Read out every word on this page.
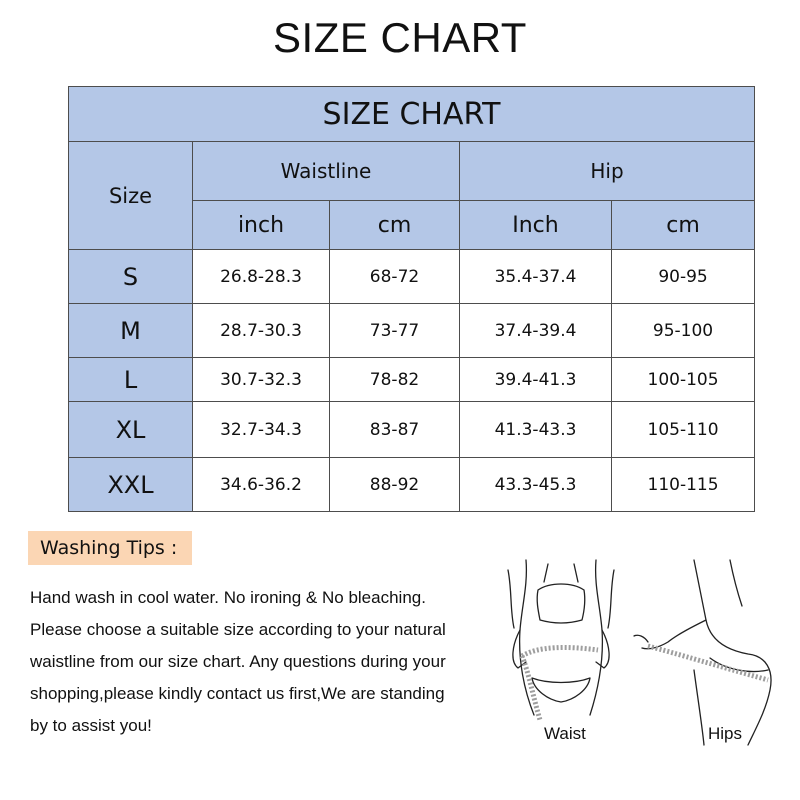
SIZE CHART
SIZE CHART				
Size	Waistline		Hip	
	inch	cm	Inch	cm
S	26.8-28.3	68-72	35.4-37.4	90-95
M	28.7-30.3	73-77	37.4-39.4	95-100
L	30.7-32.3	78-82	39.4-41.3	100-105
XL	32.7-34.3	83-87	41.3-43.3	105-110
XXL	34.6-36.2	88-92	43.3-45.3	110-115
Washing Tips :
Hand wash in cool water. No ironing & No bleaching.
Please choose a suitable size according to your natural
waistline from our size chart. Any questions during your
shopping,please kindly contact us first,We are standing
by to assist you!	Waist	Hips
